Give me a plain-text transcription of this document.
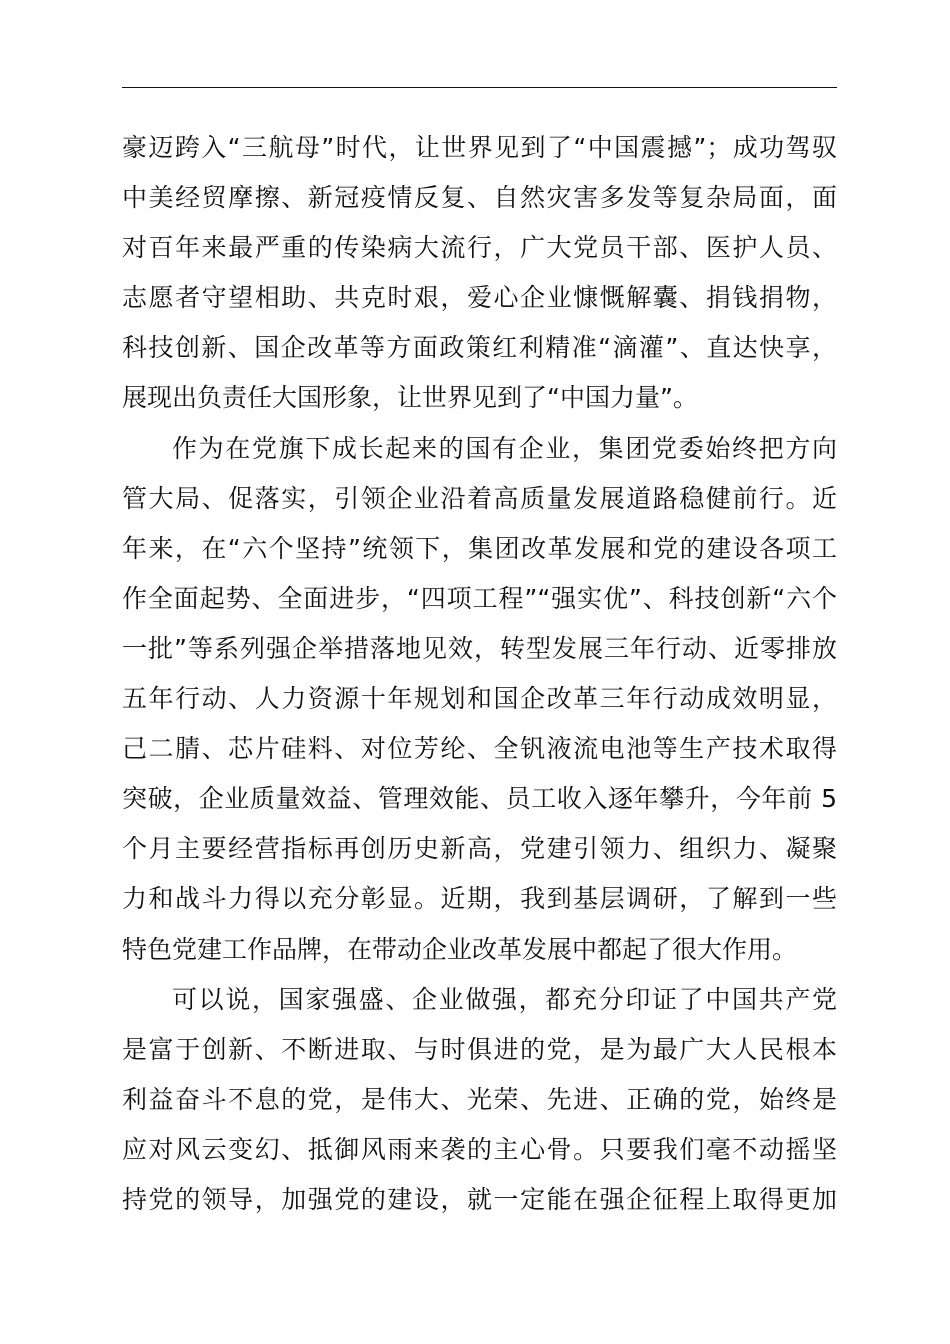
豪迈跨入“三航母”时代，让世界见到了“中国震撼”；成功驾驭
中美经贸摩擦、新冠疫情反复、自然灾害多发等复杂局面，面
对百年来最严重的传染病大流行，广大党员干部、医护人员、
志愿者守望相助、共克时艰，爱心企业慷慨解囊、捐钱捐物，
科技创新、国企改革等方面政策红利精准“滴灌”、直达快享，
展现出负责任大国形象，让世界见到了“中国力量”。
作为在党旗下成长起来的国有企业，集团党委始终把方向
管大局、促落实，引领企业沿着高质量发展道路稳健前行。近
年来，在“六个坚持”统领下，集团改革发展和党的建设各项工
作全面起势、全面进步，“四项工程”“强实优”、科技创新“六个
一批”等系列强企举措落地见效，转型发展三年行动、近零排放
五年行动、人力资源十年规划和国企改革三年行动成效明显，
己二腈、芯片硅料、对位芳纶、全钒液流电池等生产技术取得
突破，企业质量效益、管理效能、员工收入逐年攀升，今年前 5
个月主要经营指标再创历史新高，党建引领力、组织力、凝聚
力和战斗力得以充分彰显。近期，我到基层调研，了解到一些
特色党建工作品牌，在带动企业改革发展中都起了很大作用。
可以说，国家强盛、企业做强，都充分印证了中国共产党
是富于创新、不断进取、与时俱进的党，是为最广大人民根本
利益奋斗不息的党，是伟大、光荣、先进、正确的党，始终是
应对风云变幻、抵御风雨来袭的主心骨。只要我们毫不动摇坚
持党的领导，加强党的建设，就一定能在强企征程上取得更加
